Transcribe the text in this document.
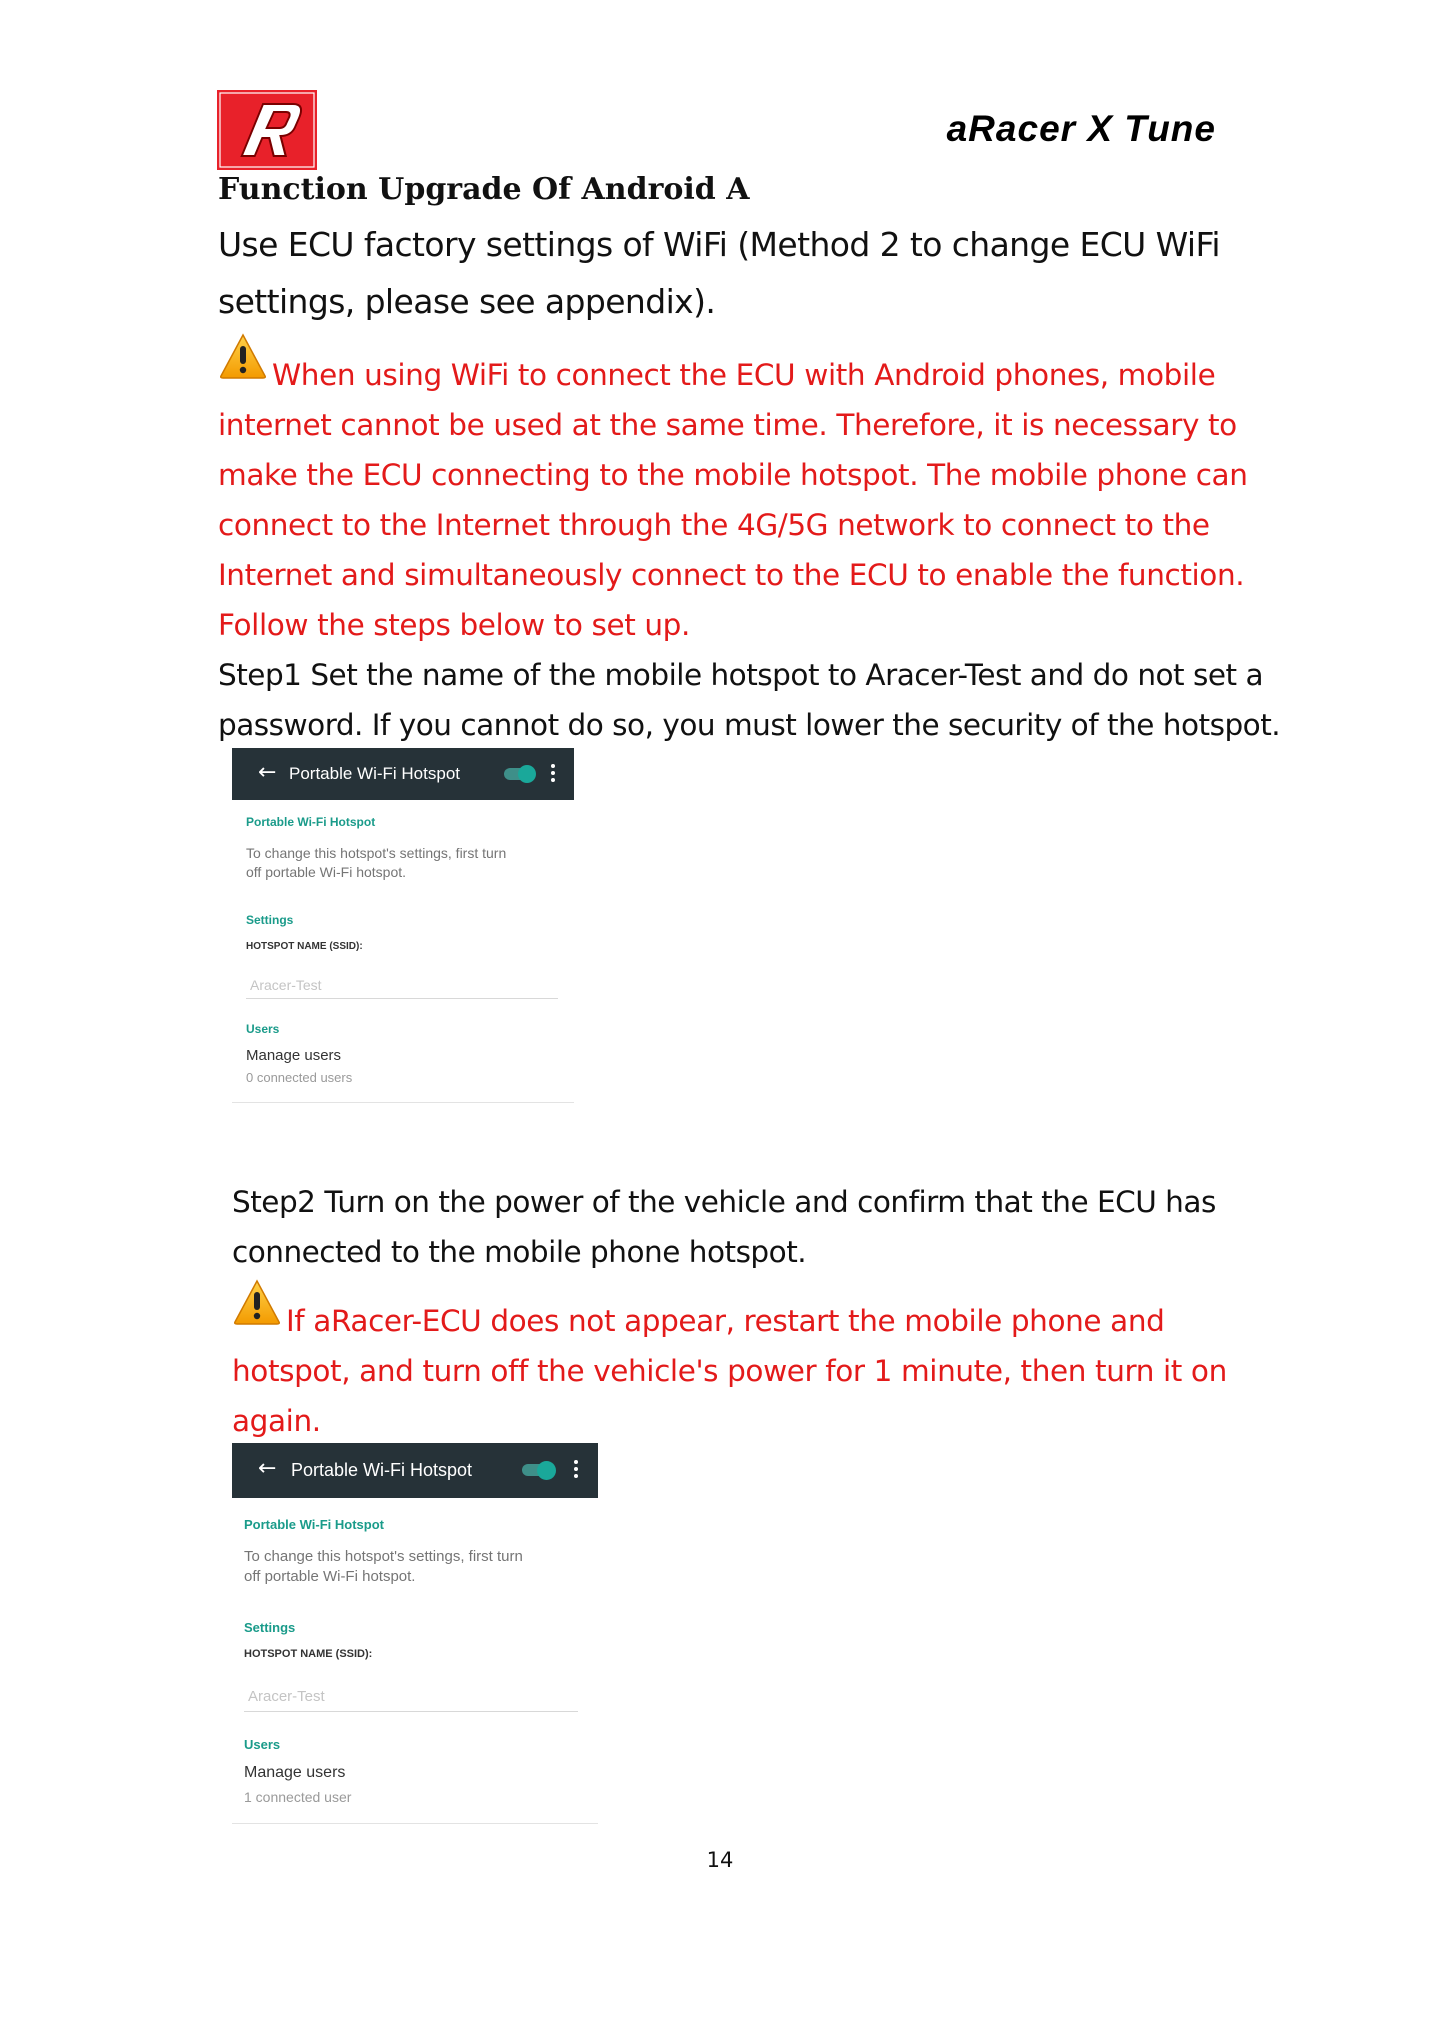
aRacer X Tune
Function Upgrade Of Android A
Use ECU factory settings of WiFi (Method 2 to change ECU WiFi
settings, please see appendix).
When using WiFi to connect the ECU with Android phones, mobile
internet cannot be used at the same time. Therefore, it is necessary to
make the ECU connecting to the mobile hotspot. The mobile phone can
connect to the Internet through the 4G/5G network to connect to the
Internet and simultaneously connect to the ECU to enable the function.
Follow the steps below to set up.
Step1 Set the name of the mobile hotspot to Aracer-Test and do not set a
password. If you cannot do so, you must lower the security of the hotspot.
← Portable Wi-Fi Hotspot
Portable Wi-Fi Hotspot
To change this hotspot's settings, first turn
off portable Wi-Fi hotspot.
Settings
HOTSPOT NAME (SSID):
Aracer-Test
Users
Manage users
0 connected users
Step2 Turn on the power of the vehicle and confirm that the ECU has
connected to the mobile phone hotspot.
If aRacer-ECU does not appear, restart the mobile phone and
hotspot, and turn off the vehicle's power for 1 minute, then turn it on
again.
← Portable Wi-Fi Hotspot
Portable Wi-Fi Hotspot
To change this hotspot's settings, first turn
off portable Wi-Fi hotspot.
Settings
HOTSPOT NAME (SSID):
Aracer-Test
Users
Manage users
1 connected user
14
